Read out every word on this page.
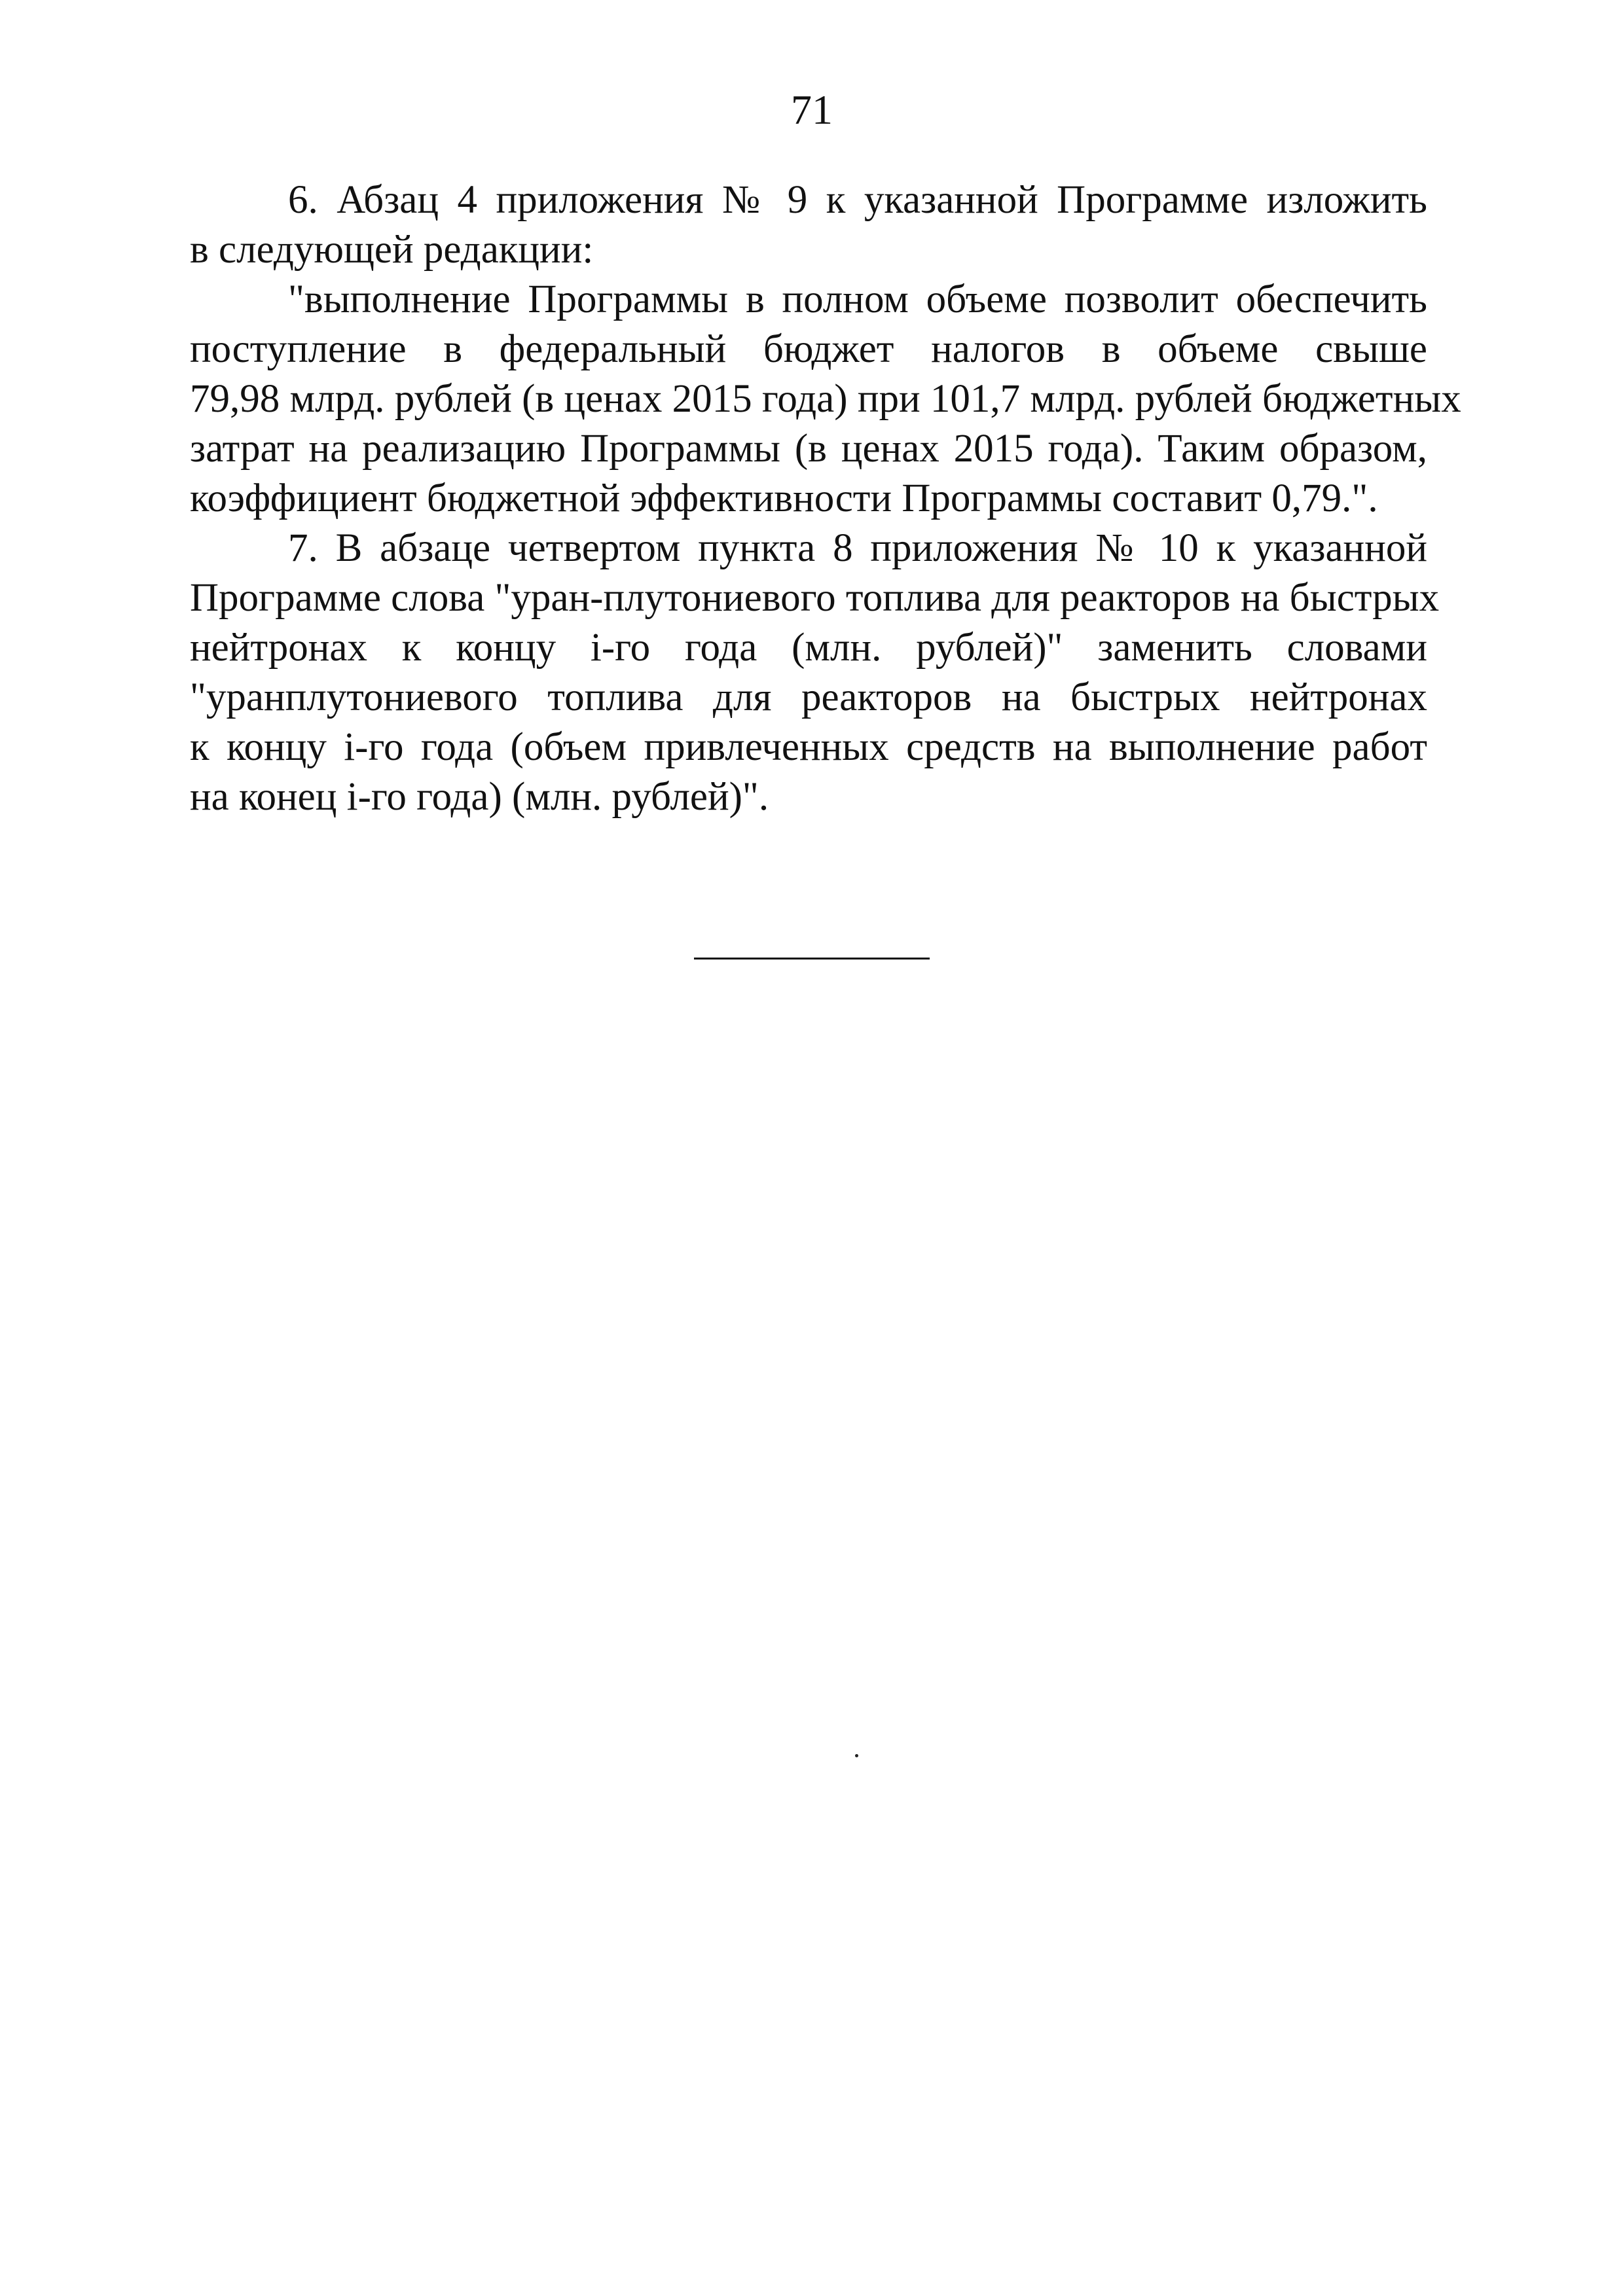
71
6. Абзац 4 приложения № 9 к указанной Программе изложить
в следующей редакции:
"выполнение Программы в полном объеме позволит обеспечить
поступление в федеральный бюджет налогов в объеме свыше
79,98 млрд. рублей (в ценах 2015 года) при 101,7 млрд. рублей бюджетных
затрат на реализацию Программы (в ценах 2015 года). Таким образом,
коэффициент бюджетной эффективности Программы составит 0,79.".
7. В абзаце четвертом пункта 8 приложения № 10 к указанной
Программе слова "уран-плутониевого топлива для реакторов на быстрых
нейтронах к концу i-го года (млн. рублей)" заменить словами
"уранплутониевого топлива для реакторов на быстрых нейтронах
к концу i-го года (объем привлеченных средств на выполнение работ
на конец i-го года) (млн. рублей)".
